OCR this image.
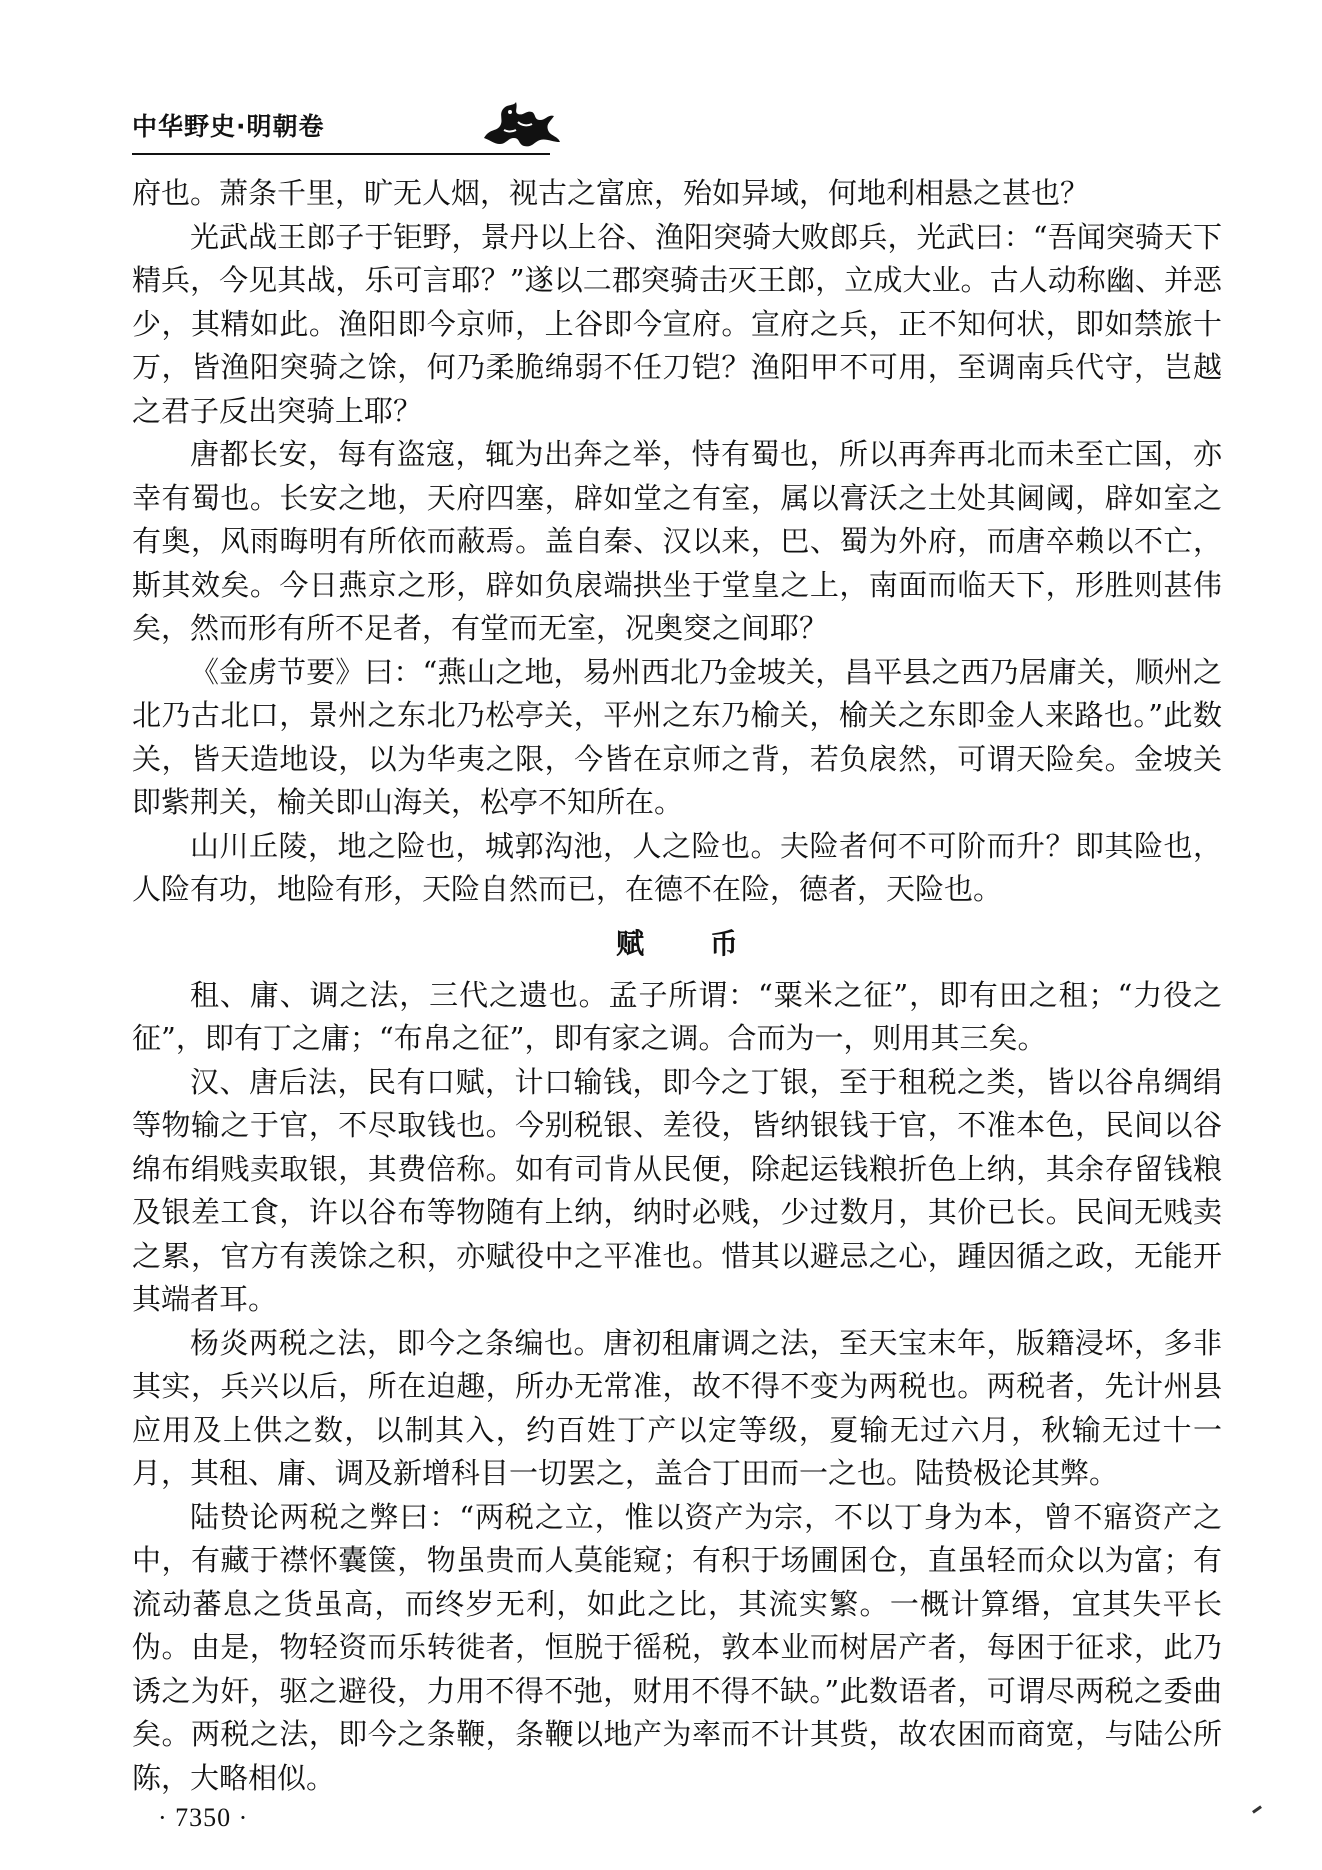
中华野史·明朝卷

府也。萧条千里，旷无人烟，视古之富庶，殆如异域，何地利相悬之甚也？

光武战王郎子于钜野，景丹以上谷、渔阳突骑大败郎兵，光武曰：“吾闻突骑天下精兵，今见其战，乐可言耶？”遂以二郡突骑击灭王郎，立成大业。古人动称幽、并恶少，其精如此。渔阳即今京师，上谷即今宣府。宣府之兵，正不知何状，即如禁旅十万，皆渔阳突骑之馀，何乃柔脆绵弱不任刀铠？渔阳甲不可用，至调南兵代守，岂越之君子反出突骑上耶？

唐都长安，每有盗寇，辄为出奔之举，恃有蜀也，所以再奔再北而未至亡国，亦幸有蜀也。长安之地，天府四塞，辟如堂之有室，属以膏沃之土处其阃阈，辟如室之有奥，风雨晦明有所依而蔽焉。盖自秦、汉以来，巴、蜀为外府，而唐卒赖以不亡，斯其效矣。今日燕京之形，辟如负扆端拱坐于堂皇之上，南面而临天下，形胜则甚伟矣，然而形有所不足者，有堂而无室，况奥窔之间耶？

《金虏节要》曰：“燕山之地，易州西北乃金坡关，昌平县之西乃居庸关，顺州之北乃古北口，景州之东北乃松亭关，平州之东乃榆关，榆关之东即金人来路也。”此数关，皆天造地设，以为华夷之限，今皆在京师之背，若负扆然，可谓天险矣。金坡关即紫荆关，榆关即山海关，松亭不知所在。

山川丘陵，地之险也，城郭沟池，人之险也。夫险者何不可阶而升？即其险也，人险有功，地险有形，天险自然而已，在德不在险，德者，天险也。

赋 币

租、庸、调之法，三代之遗也。孟子所谓：“粟米之征”，即有田之租；“力役之征”，即有丁之庸；“布帛之征”，即有家之调。合而为一，则用其三矣。

汉、唐后法，民有口赋，计口输钱，即今之丁银，至于租税之类，皆以谷帛绸绢等物输之于官，不尽取钱也。今别税银、差役，皆纳银钱于官，不准本色，民间以谷绵布绢贱卖取银，其费倍称。如有司肯从民便，除起运钱粮折色上纳，其余存留钱粮及银差工食，许以谷布等物随有上纳，纳时必贱，少过数月，其价已长。民间无贱卖之累，官方有羡馀之积，亦赋役中之平准也。惜其以避忌之心，踵因循之政，无能开其端者耳。

杨炎两税之法，即今之条编也。唐初租庸调之法，至天宝末年，版籍浸坏，多非其实，兵兴以后，所在迫趣，所办无常准，故不得不变为两税也。两税者，先计州县应用及上供之数，以制其入，约百姓丁产以定等级，夏输无过六月，秋输无过十一月，其租、庸、调及新增科目一切罢之，盖合丁田而一之也。陆贽极论其弊。

陆贽论两税之弊曰：“两税之立，惟以资产为宗，不以丁身为本，曾不寤资产之中，有藏于襟怀囊箧，物虽贵而人莫能窥；有积于场圃囷仓，直虽轻而众以为富；有流动蕃息之货虽高，而终岁无利，如此之比，其流实繁。一概计算缗，宜其失平长伪。由是，物轻资而乐转徙者，恒脱于徭税，敦本业而树居产者，每困于征求，此乃诱之为奸，驱之避役，力用不得不弛，财用不得不缺。”此数语者，可谓尽两税之委曲矣。两税之法，即今之条鞭，条鞭以地产为率而不计其赀，故农困而商宽，与陆公所陈，大略相似。

· 7350 ·
